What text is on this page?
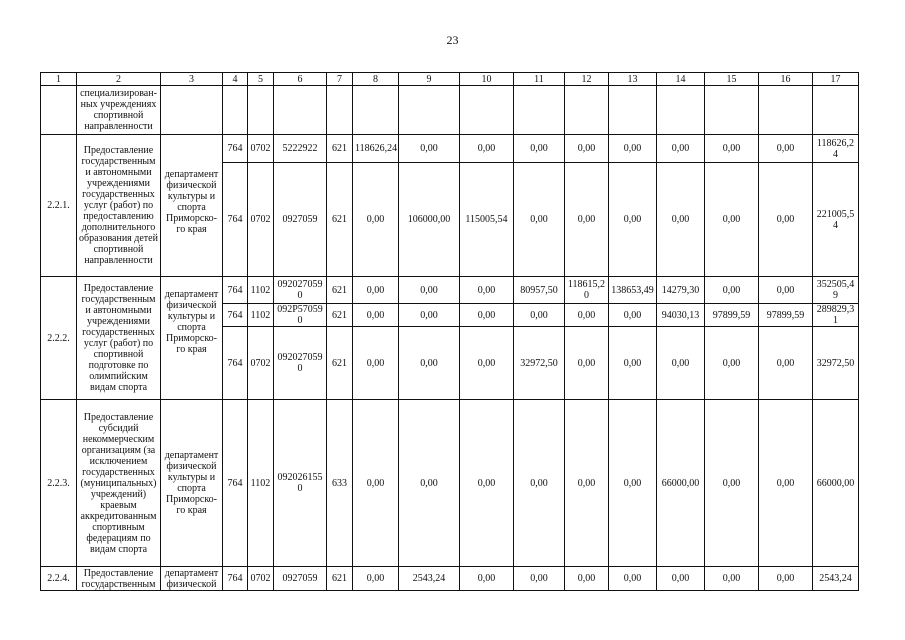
23
1	2	3	4	5	6	7	8	9	10	11	12	13	14	15	16	17
	специализирован-ных учреждениях спортивной направленности															
2.2.1.	Предоставление государственным и автономными учреждениями государственных услуг (работ) по предоставлению дополнительного образования детей спортивной направленности	департамент физической культуры и спорта Приморско-го края	764	0702	5222922	621	118626,24	0,00	0,00	0,00	0,00	0,00	0,00	0,00	0,00	118626,24
			764	0702	0927059	621	0,00	106000,00	115005,54	0,00	0,00	0,00	0,00	0,00	0,00	221005,54
2.2.2.	Предоставление государственным и автономными учреждениями государственных услуг (работ) по спортивной подготовке по олимпийским видам спорта	департамент физической культуры и спорта Приморско-го края	764	1102	0920270590	621	0,00	0,00	0,00	80957,50	118615,20	138653,49	14279,30	0,00	0,00	352505,49
			764	1102	092P570590	621	0,00	0,00	0,00	0,00	0,00	0,00	94030,13	97899,59	97899,59	289829,31
			764	0702	0920270590	621	0,00	0,00	0,00	32972,50	0,00	0,00	0,00	0,00	0,00	32972,50
2.2.3.	Предоставление субсидий некоммерческим организациям (за исключением государственных (муниципальных) учреждений) краевым аккредитованным спортивным федерациям по видам спорта	департамент физической культуры и спорта Приморско-го края	764	1102	0920261550	633	0,00	0,00	0,00	0,00	0,00	0,00	66000,00	0,00	0,00	66000,00
2.2.4.	Предоставление государственным	департамент физической	764	0702	0927059	621	0,00	2543,24	0,00	0,00	0,00	0,00	0,00	0,00	0,00	2543,24
